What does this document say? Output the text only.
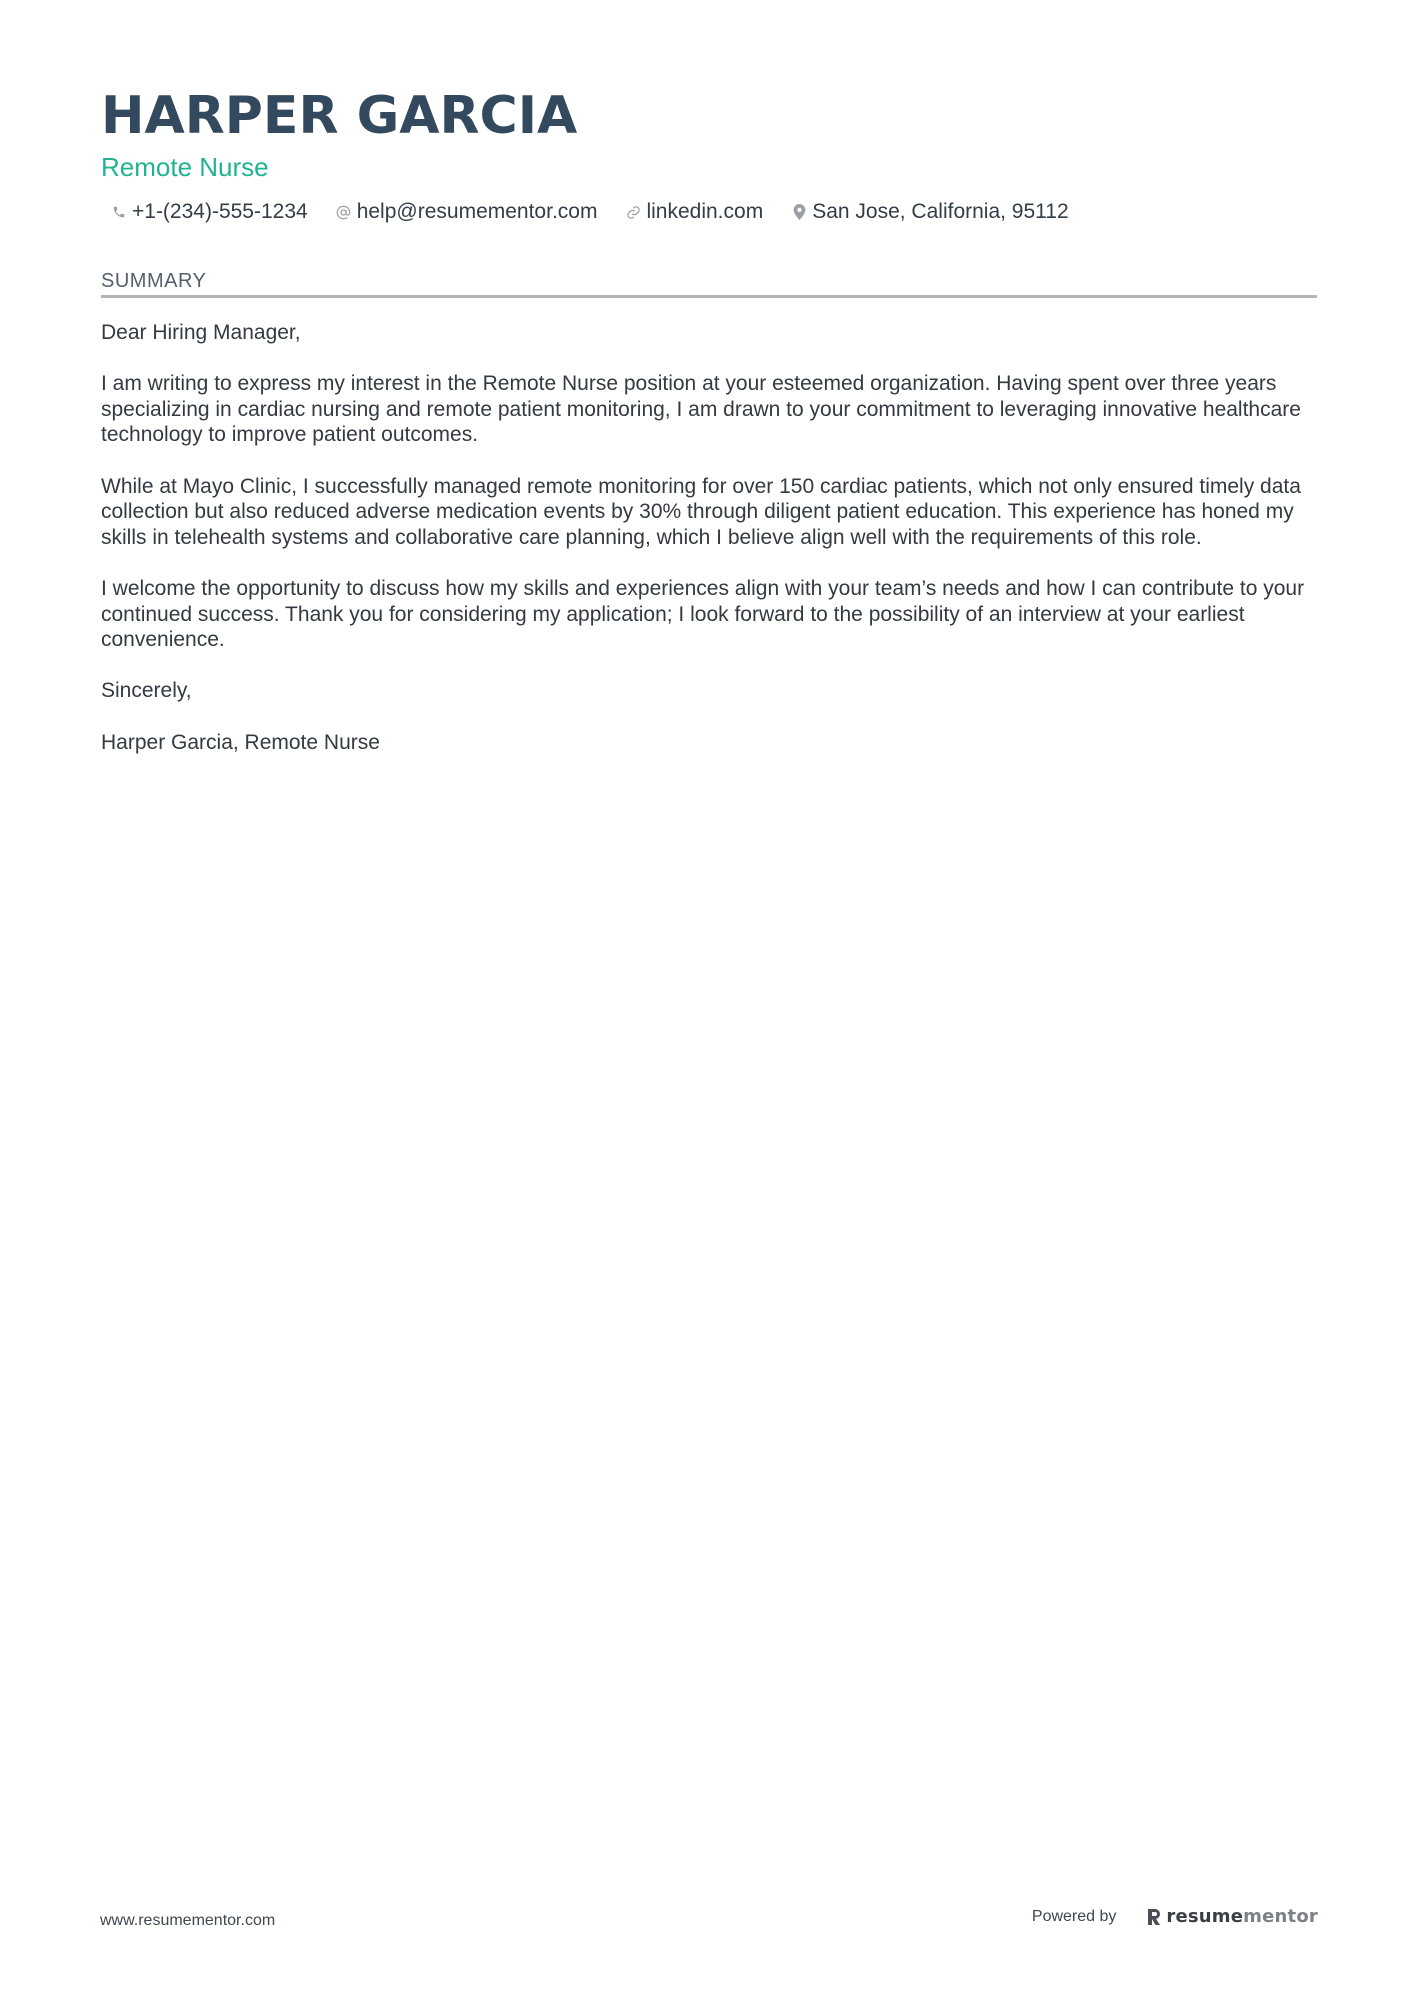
HARPER GARCIA
Remote Nurse
+1-(234)-555-1234 help@resumementor.com linkedin.com San Jose, California, 95112
SUMMARY

Dear Hiring Manager,

I am writing to express my interest in the Remote Nurse position at your esteemed organization. Having spent over three years specializing in cardiac nursing and remote patient monitoring, I am drawn to your commitment to leveraging innovative healthcare technology to improve patient outcomes.

While at Mayo Clinic, I successfully managed remote monitoring for over 150 cardiac patients, which not only ensured timely data collection but also reduced adverse medication events by 30% through diligent patient education. This experience has honed my skills in telehealth systems and collaborative care planning, which I believe align well with the requirements of this role.

I welcome the opportunity to discuss how my skills and experiences align with your team’s needs and how I can contribute to your continued success. Thank you for considering my application; I look forward to the possibility of an interview at your earliest convenience.

Sincerely,

Harper Garcia, Remote Nurse

www.resumementor.com	Powered by	resume mentor
